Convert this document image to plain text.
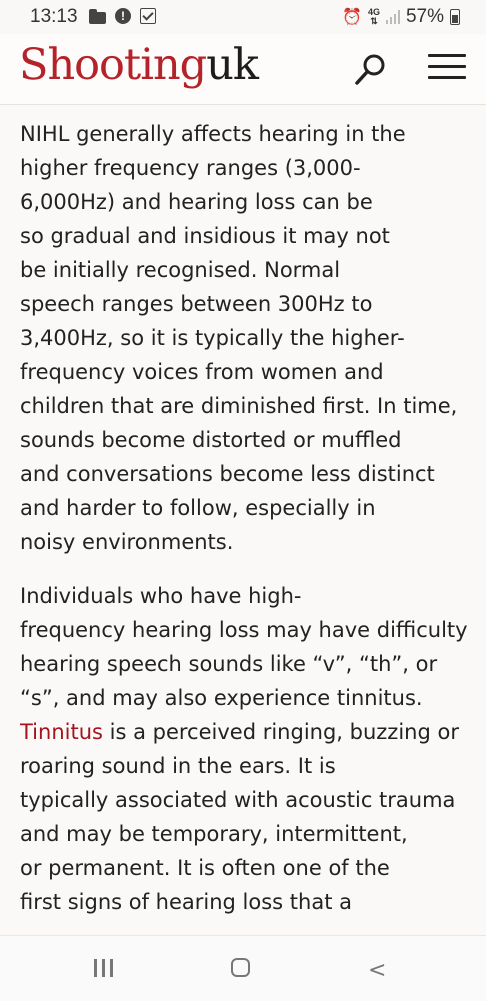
13:13	!	⏰ 4G
⇅ 57%
Shootinguk

NIHL generally affects hearing in the
higher frequency ranges (3,000-
6,000Hz) and hearing loss can be
so gradual and insidious it may not
be initially recognised. Normal
speech ranges between 300Hz to
3,400Hz, so it is typically the higher-
frequency voices from women and
children that are diminished first. In time,
sounds become distorted or muffled
and conversations become less distinct
and harder to follow, especially in
noisy environments.

Individuals who have high-
frequency hearing loss may have difficulty
hearing speech sounds like “v”, “th”, or
“s”, and may also experience tinnitus.
Tinnitus is a perceived ringing, buzzing or
roaring sound in the ears. It is
typically associated with acoustic trauma
and may be temporary, intermittent,
or permanent. It is often one of the
first signs of hearing loss that a

<
